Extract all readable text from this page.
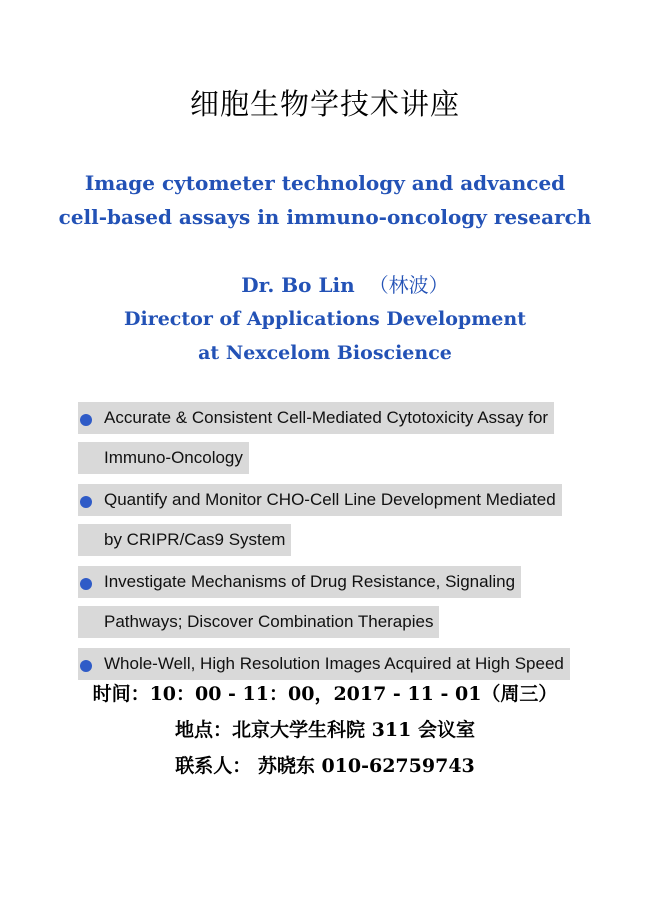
细胞生物学技术讲座
Image cytometer technology and advanced
cell-based assays in immuno-oncology research
Dr. Bo Lin （林波）
Director of Applications Development
at Nexcelom Bioscience
Accurate & Consistent Cell-Mediated Cytotoxicity Assay for
Immuno-Oncology
Quantify and Monitor CHO-Cell Line Development Mediated
by CRIPR/Cas9 System
Investigate Mechanisms of Drug Resistance, Signaling
Pathways; Discover Combination Therapies
Whole-Well, High Resolution Images Acquired at High Speed
时间：10：00 - 11：00，2017 - 11 - 01（周三）
地点：北京大学生科院 311 会议室
联系人： 苏晓东 010-62759743
